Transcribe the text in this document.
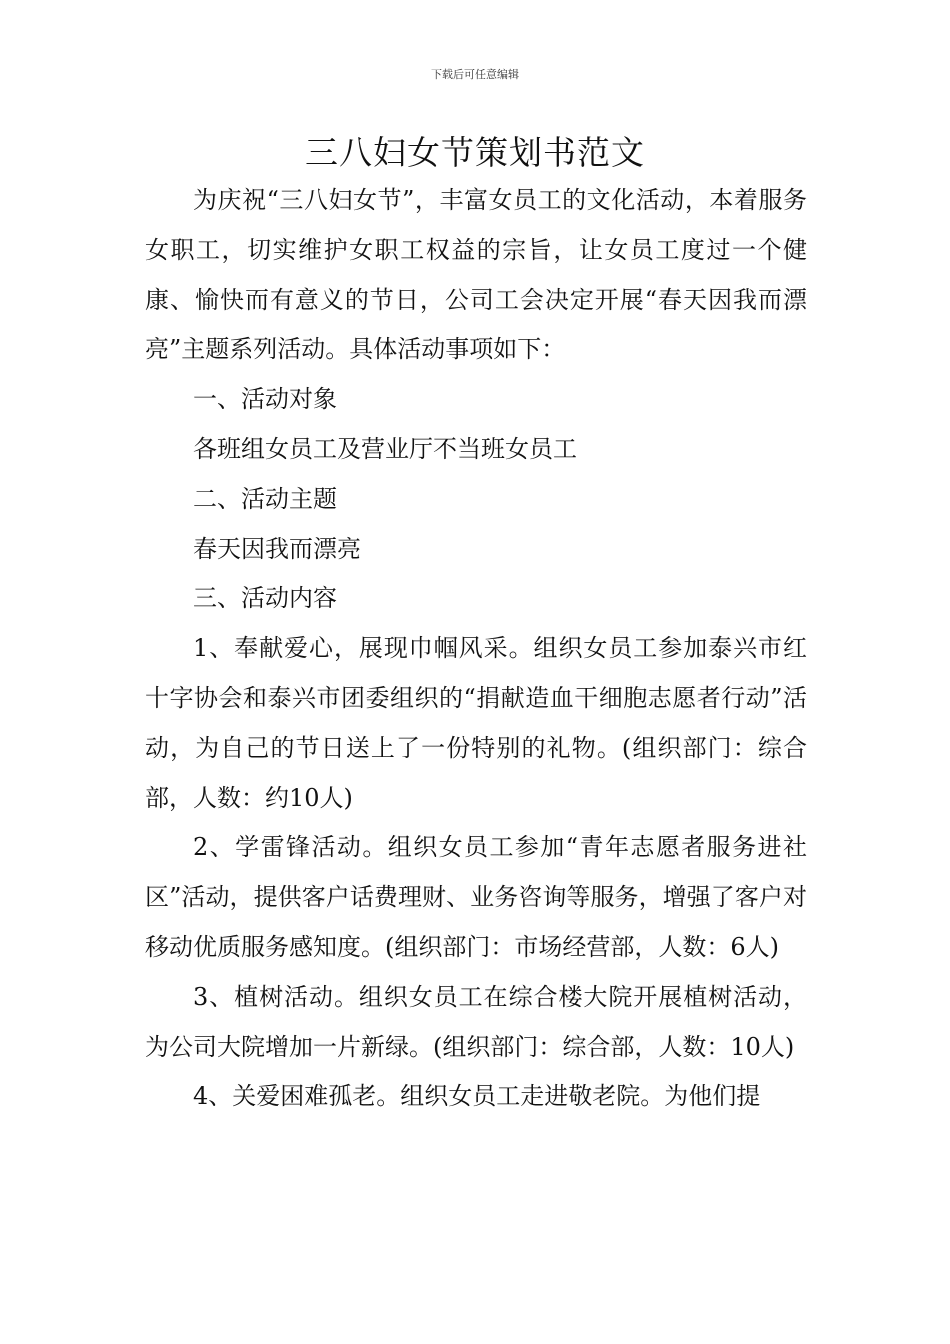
下载后可任意编辑
三八妇女节策划书范文

为庆祝“三八妇女节”，丰富女员工的文化活动，本着服务女职工，切实维护女职工权益的宗旨，让女员工度过一个健康、愉快而有意义的节日，公司工会决定开展“春天因我而漂亮”主题系列活动。具体活动事项如下：

一、活动对象

各班组女员工及营业厅不当班女员工

二、活动主题

春天因我而漂亮

三、活动内容

1、奉献爱心，展现巾帼风采。组织女员工参加泰兴市红十字协会和泰兴市团委组织的“捐献造血干细胞志愿者行动”活动，为自己的节日送上了一份特别的礼物。(组织部门：综合部，人数：约10人)

2、学雷锋活动。组织女员工参加“青年志愿者服务进社区”活动，提供客户话费理财、业务咨询等服务，增强了客户对移动优质服务感知度。(组织部门：市场经营部，人数：6人)

3、植树活动。组织女员工在综合楼大院开展植树活动，为公司大院增加一片新绿。(组织部门：综合部，人数：10人)

4、关爱困难孤老。组织女员工走进敬老院。为他们提
